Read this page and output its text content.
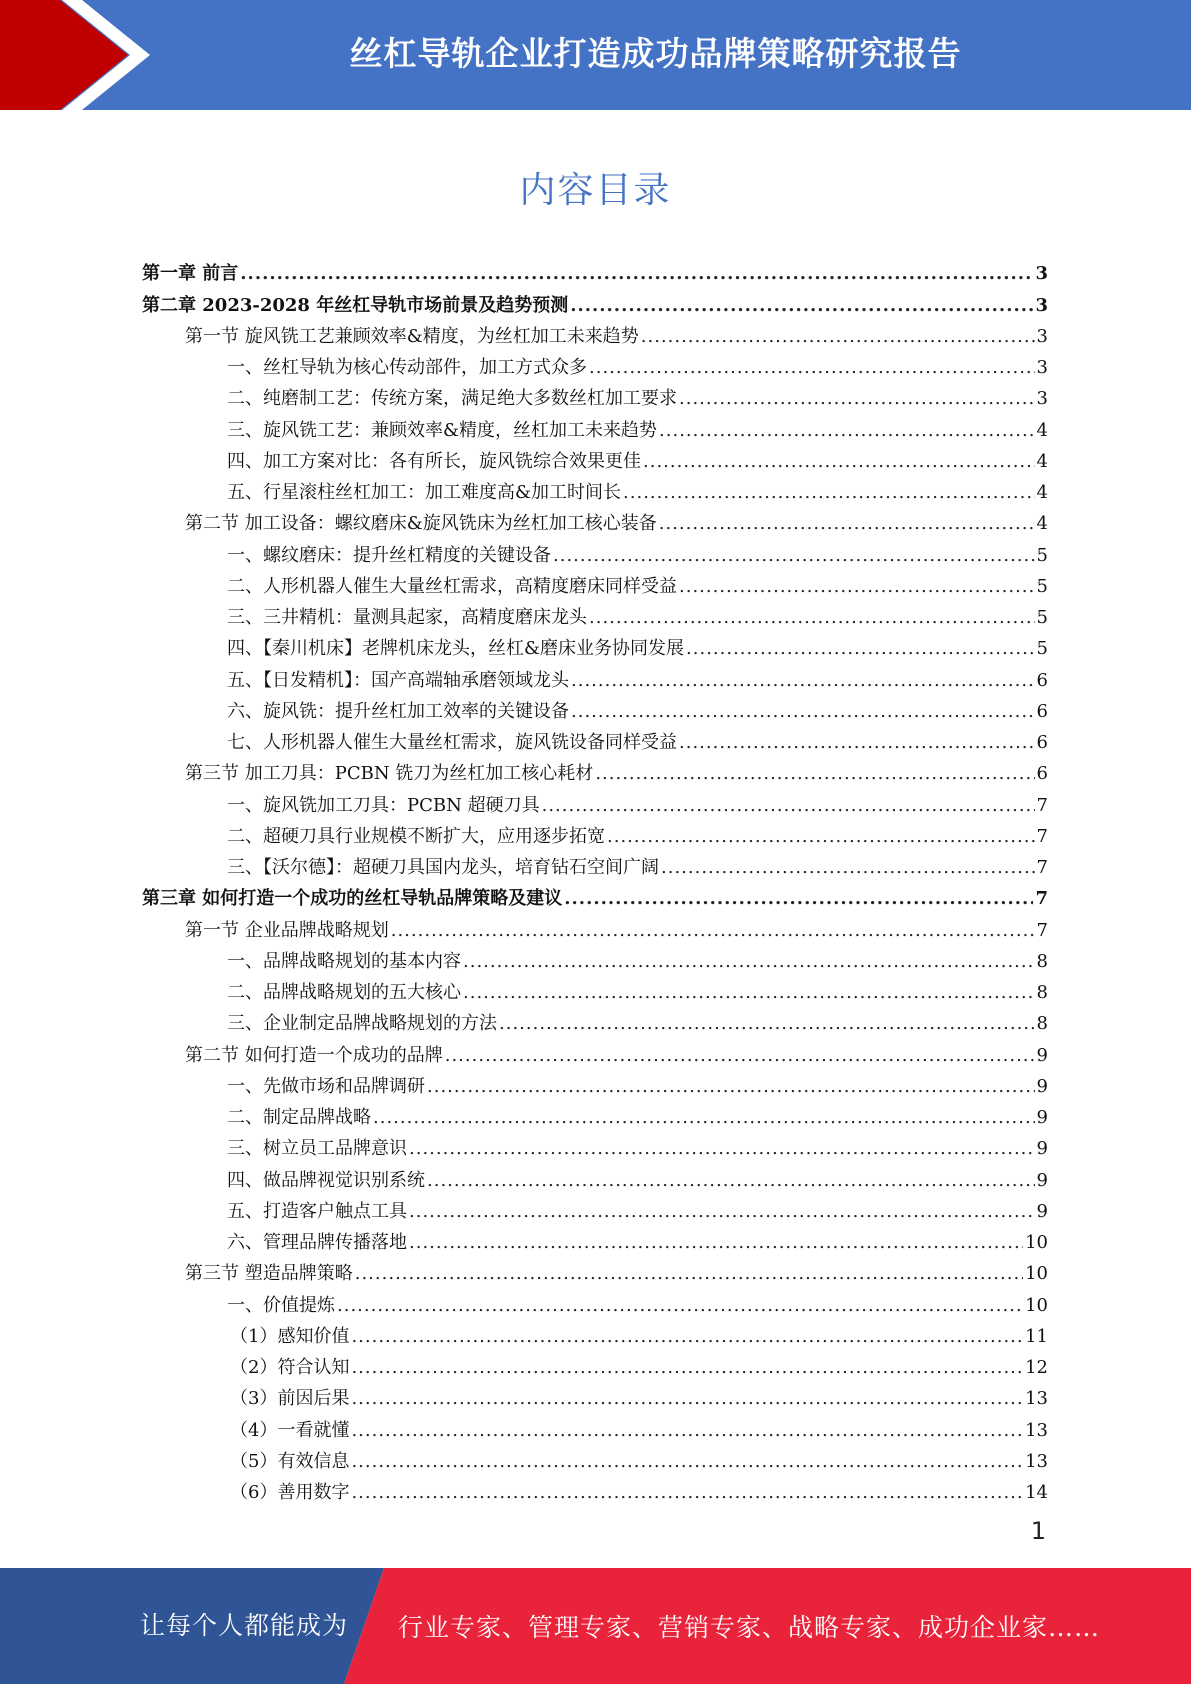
丝杠导轨企业打造成功品牌策略研究报告
内容目录
第一章 前言 .....	3
第二章 2023-2028 年丝杠导轨市场前景及趋势预测 .....	3
第一节 旋风铣工艺兼顾效率&精度，为丝杠加工未来趋势 .....	3
一、丝杠导轨为核心传动部件，加工方式众多 .....	3
二、纯磨制工艺：传统方案，满足绝大多数丝杠加工要求 .....	3
三、旋风铣工艺：兼顾效率&精度，丝杠加工未来趋势 .....	4
四、加工方案对比：各有所长，旋风铣综合效果更佳 .....	4
五、行星滚柱丝杠加工：加工难度高&加工时间长 .....	4
第二节 加工设备：螺纹磨床&旋风铣床为丝杠加工核心装备 .....	4
一、螺纹磨床：提升丝杠精度的关键设备 .....	5
二、人形机器人催生大量丝杠需求，高精度磨床同样受益 .....	5
三、三井精机：量测具起家，高精度磨床龙头 .....	5
四、【秦川机床】老牌机床龙头，丝杠&磨床业务协同发展 .....	5
五、【日发精机】：国产高端轴承磨领域龙头 .....	6
六、旋风铣：提升丝杠加工效率的关键设备 .....	6
七、人形机器人催生大量丝杠需求，旋风铣设备同样受益 .....	6
第三节 加工刀具：PCBN 铣刀为丝杠加工核心耗材 .....	6
一、旋风铣加工刀具：PCBN 超硬刀具 .....	7
二、超硬刀具行业规模不断扩大，应用逐步拓宽 .....	7
三、【沃尔德】：超硬刀具国内龙头，培育钻石空间广阔 .....	7
第三章 如何打造一个成功的丝杠导轨品牌策略及建议 .....	7
第一节 企业品牌战略规划 .....	7
一、品牌战略规划的基本内容 .....	8
二、品牌战略规划的五大核心 .....	8
三、企业制定品牌战略规划的方法 .....	8
第二节 如何打造一个成功的品牌 .....	9
一、先做市场和品牌调研 .....	9
二、制定品牌战略 .....	9
三、树立员工品牌意识 .....	9
四、做品牌视觉识别系统 .....	9
五、打造客户触点工具 .....	9
六、管理品牌传播落地 .....	10
第三节 塑造品牌策略 .....	10
一、价值提炼 .....	10
（1）感知价值 .....	11
（2）符合认知 .....	12
（3）前因后果 .....	13
（4）一看就懂 .....	13
（5）有效信息 .....	13
（6）善用数字 .....	14
1
让每个人都能成为 行业专家、管理专家、营销专家、战略专家、成功企业家……
